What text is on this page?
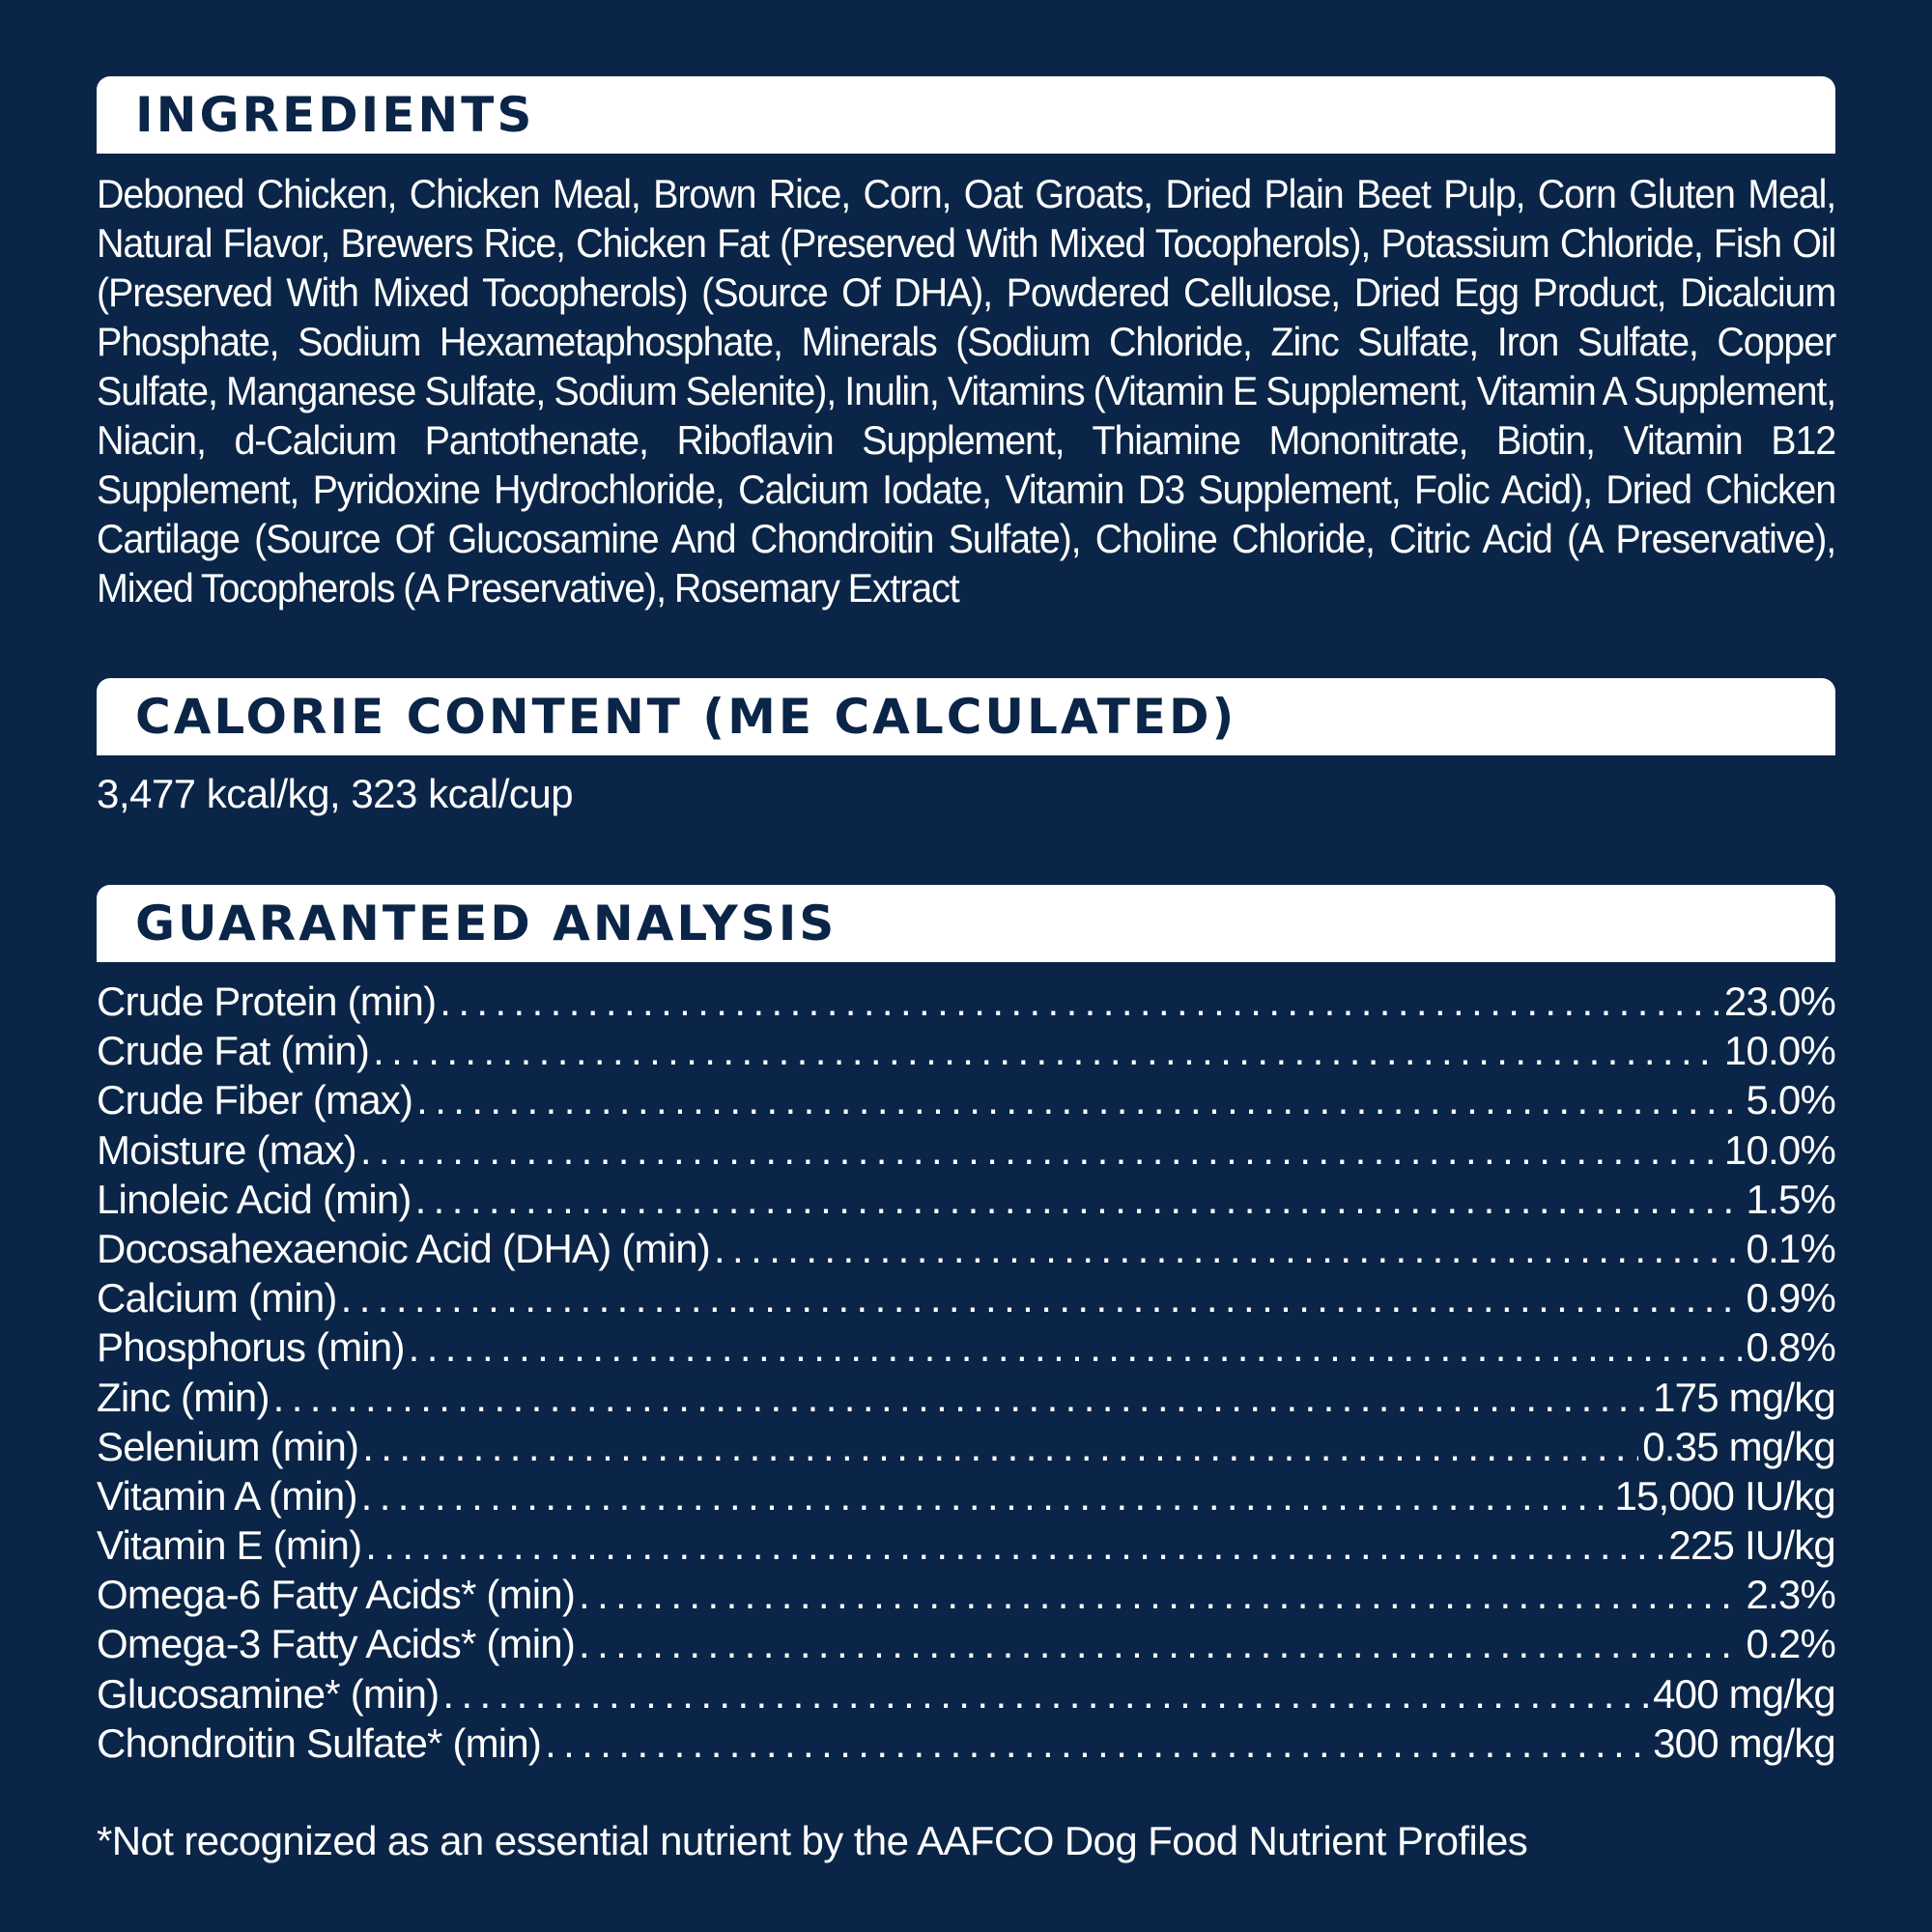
INGREDIENTS
Deboned Chicken, Chicken Meal, Brown Rice, Corn, Oat Groats, Dried Plain Beet Pulp, Corn Gluten Meal, Natural Flavor, Brewers Rice, Chicken Fat (Preserved With Mixed Tocopherols), Potassium Chloride, Fish Oil (Preserved With Mixed Tocopherols) (Source Of DHA), Powdered Cellulose, Dried Egg Product, Dicalcium Phosphate, Sodium Hexametaphosphate, Minerals (Sodium Chloride, Zinc Sulfate, Iron Sulfate, Copper Sulfate, Manganese Sulfate, Sodium Selenite), Inulin, Vitamins (Vitamin E Supplement, Vitamin A Supplement, Niacin, d-Calcium Pantothenate, Riboflavin Supplement, Thiamine Mononitrate, Biotin, Vitamin B12 Supplement, Pyridoxine Hydrochloride, Calcium Iodate, Vitamin D3 Supplement, Folic Acid), Dried Chicken Cartilage (Source Of Glucosamine And Chondroitin Sulfate), Choline Chloride, Citric Acid (A Preservative), Mixed Tocopherols (A Preservative), Rosemary Extract
CALORIE CONTENT (ME CALCULATED)
3,477 kcal/kg, 323 kcal/cup
GUARANTEED ANALYSIS
Crude Protein (min) .....	23.0%
Crude Fat (min) .....	10.0%
Crude Fiber (max) .....	5.0%
Moisture (max) .....	10.0%
Linoleic Acid (min) .....	1.5%
Docosahexaenoic Acid (DHA) (min) .....	0.1%
Calcium (min) .....	0.9%
Phosphorus (min) .....	0.8%
Zinc (min) .....	175 mg/kg
Selenium (min) .....	0.35 mg/kg
Vitamin A (min) .....	15,000 IU/kg
Vitamin E (min) .....	225 IU/kg
Omega-6 Fatty Acids* (min) .....	2.3%
Omega-3 Fatty Acids* (min) .....	0.2%
Glucosamine* (min) .....	400 mg/kg
Chondroitin Sulfate* (min) .....	300 mg/kg
*Not recognized as an essential nutrient by the AAFCO Dog Food Nutrient Profiles
